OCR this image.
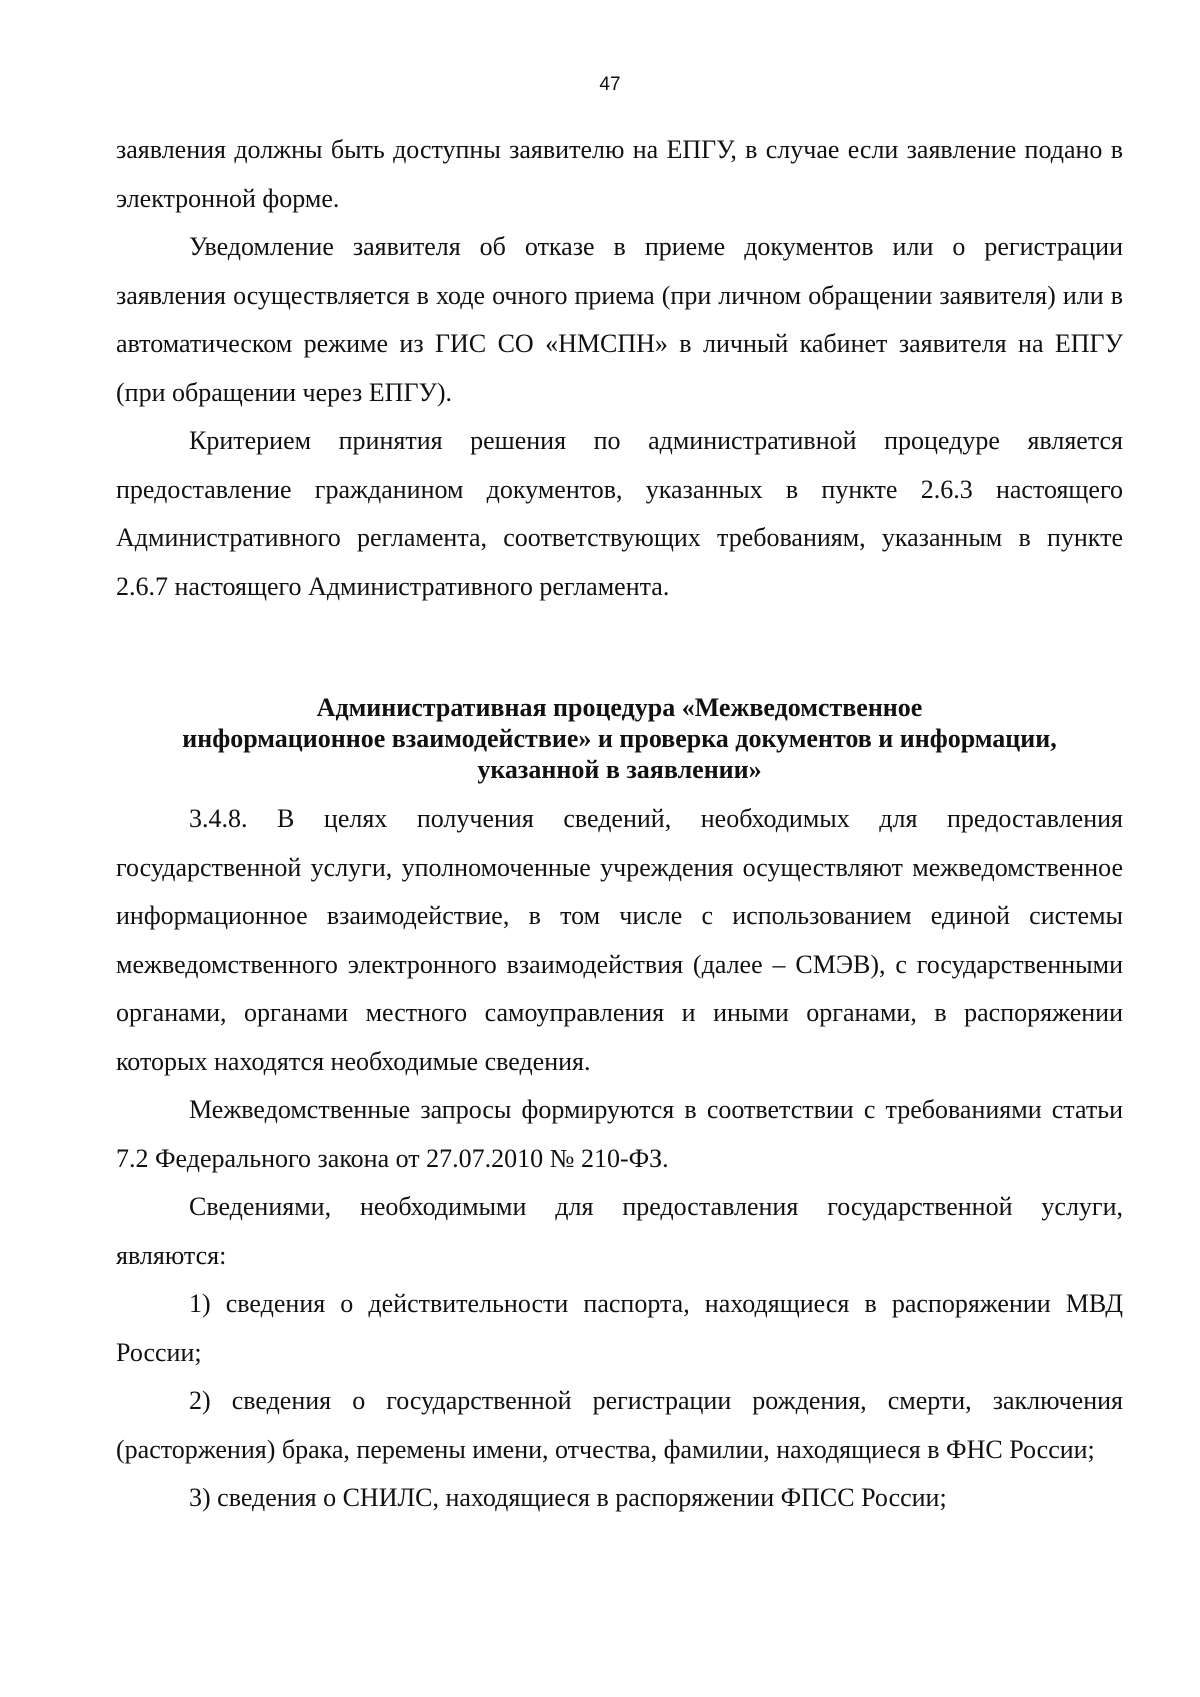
47

заявления должны быть доступны заявителю на ЕПГУ, в случае если заявление подано в электронной форме.

Уведомление заявителя об отказе в приеме документов или о регистрации заявления осуществляется в ходе очного приема (при личном обращении заявителя) или в автоматическом режиме из ГИС СО «НМСПН» в личный кабинет заявителя на ЕПГУ (при обращении через ЕПГУ).

Критерием принятия решения по административной процедуре является предоставление гражданином документов, указанных в пункте 2.6.3 настоящего Административного регламента, соответствующих требованиям, указанным в пункте 2.6.7 настоящего Административного регламента.

Административная процедура «Межведомственное

информационное взаимодействие» и проверка документов и информации,

указанной в заявлении»

3.4.8. В целях получения сведений, необходимых для предоставления государственной услуги, уполномоченные учреждения осуществляют межведомственное информационное взаимодействие, в том числе с использованием единой системы межведомственного электронного взаимодействия (далее – СМЭВ), с государственными органами, органами местного самоуправления и иными органами, в распоряжении которых находятся необходимые сведения.

Межведомственные запросы формируются в соответствии с требованиями статьи 7.2 Федерального закона от 27.07.2010 № 210-ФЗ.

Сведениями, необходимыми для предоставления государственной услуги, являются:

1) сведения о действительности паспорта, находящиеся в распоряжении МВД России;

2) сведения о государственной регистрации рождения, смерти, заключения (расторжения) брака, перемены имени, отчества, фамилии, находящиеся в ФНС России;

3) сведения о СНИЛС, находящиеся в распоряжении ФПСС России;
